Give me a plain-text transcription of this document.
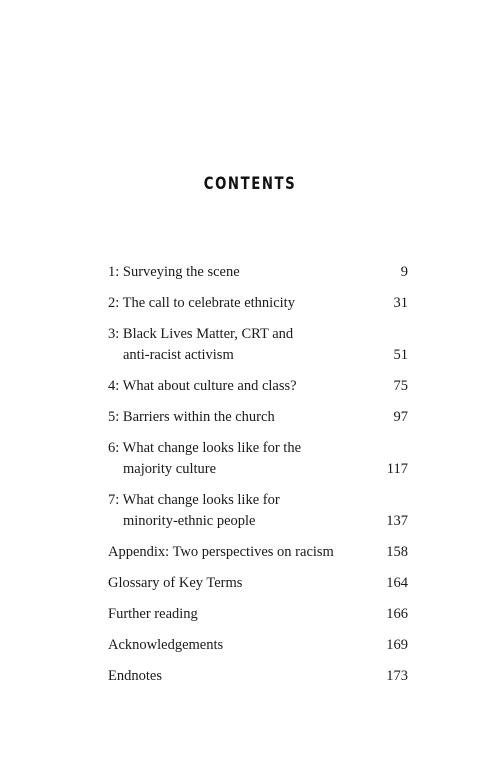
CONTENTS
1: Surveying the scene	9
2: The call to celebrate ethnicity	31
3: Black Lives Matter, CRT and
anti-racist activism	51
4: What about culture and class?	75
5: Barriers within the church	97
6: What change looks like for the
majority culture	117
7: What change looks like for
minority-ethnic people	137
Appendix: Two perspectives on racism	158
Glossary of Key Terms	164
Further reading	166
Acknowledgements	169
Endnotes	173
